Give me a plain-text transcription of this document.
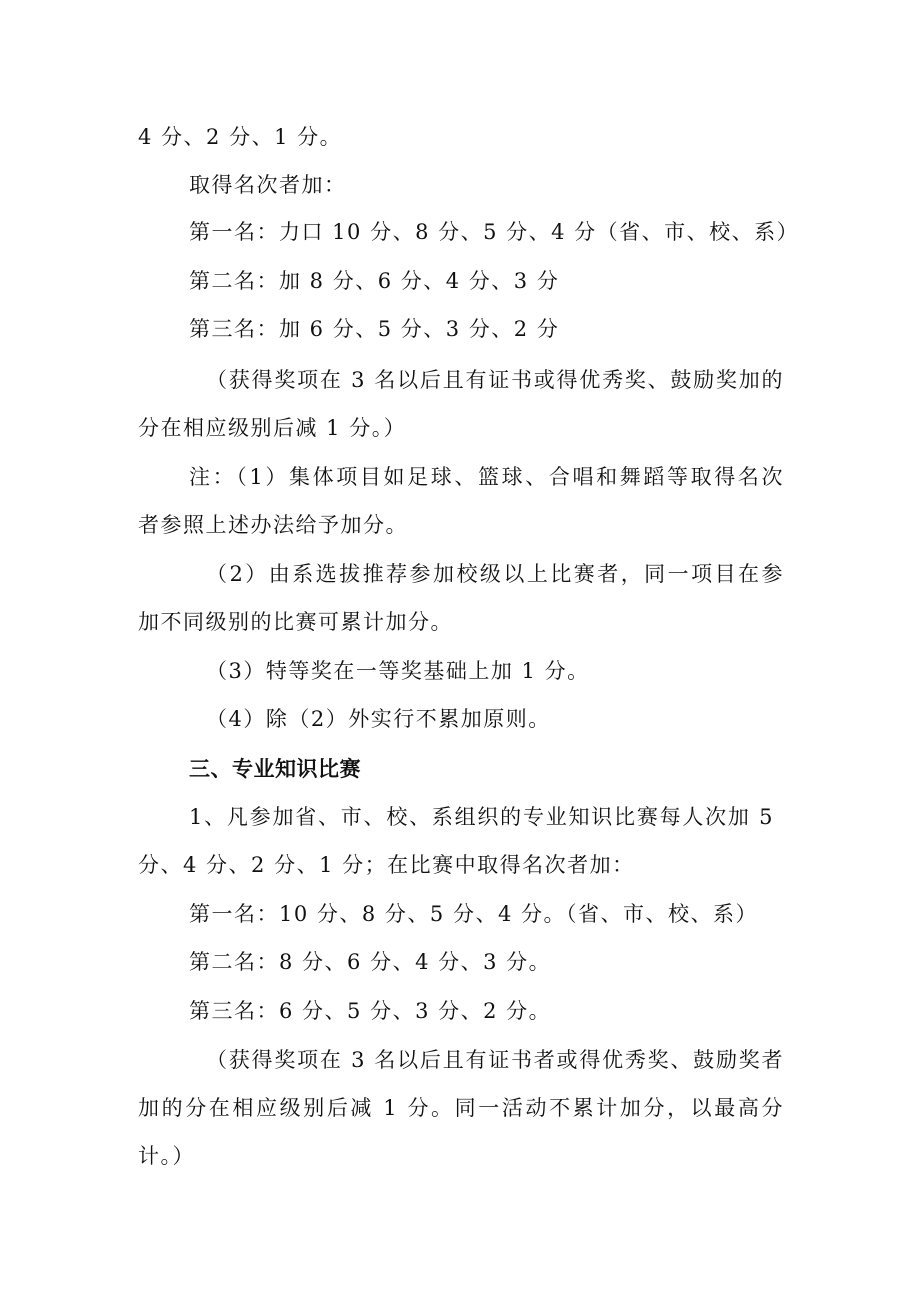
4 分、2 分、1 分。
取得名次者加：
第一名：力口 10 分、8 分、5 分、4 分（省、市、校、系）
第二名：加 8 分、6 分、4 分、3 分
第三名：加 6 分、5 分、3 分、2 分
（获得奖项在 3 名以后且有证书或得优秀奖、鼓励奖加的
分在相应级别后减 1 分。）
注：（1）集体项目如足球、篮球、合唱和舞蹈等取得名次
者参照上述办法给予加分。
（2）由系选拔推荐参加校级以上比赛者，同一项目在参
加不同级别的比赛可累计加分。
（3）特等奖在一等奖基础上加 1 分。
（4）除（2）外实行不累加原则。
三、专业知识比赛
1、凡参加省、市、校、系组织的专业知识比赛每人次加 5
分、4 分、2 分、1 分；在比赛中取得名次者加：
第一名：10 分、8 分、5 分、4 分。（省、市、校、系）
第二名：8 分、6 分、4 分、3 分。
第三名：6 分、5 分、3 分、2 分。
（获得奖项在 3 名以后且有证书者或得优秀奖、鼓励奖者
加的分在相应级别后减 1 分。同一活动不累计加分，以最高分
计。）
